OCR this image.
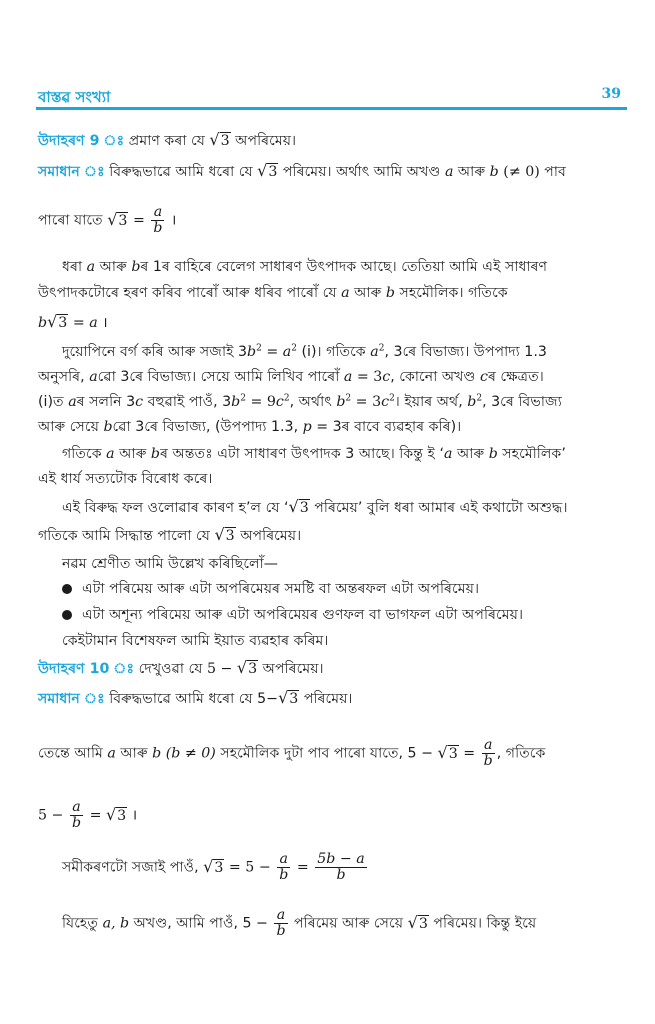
বাস্তৱ সংখ্যা	39
উদাহৰণ 9 ঃ প্ৰমাণ কৰা যে √3 অপৰিমেয়।
সমাধান ঃ বিৰুদ্ধভাৱে আমি ধৰো যে √3 পৰিমেয়। অৰ্থাৎ আমি অখণ্ড a আৰু b (≠ 0) পাব
পাৰো যাতে $√3 = \frac{a}{b}$ ।
ধৰা a আৰু bৰ 1ৰ বাহিৰে বেলেগ সাধাৰণ উৎপাদক আছে। তেতিয়া আমি এই সাধাৰণ
উৎপাদকটোৰে হৰণ কৰিব পাৰোঁ আৰু ধৰিব পাৰোঁ যে a আৰু b সহমৌলিক। গতিকে
b√3 = a ।
দুয়োপিনে বৰ্গ কৰি আৰু সজাই $3b^2 = a^2$ (i)। গতিকে $a^2$, 3ৰে বিভাজ্য। উপপাদ্য 1.3
অনুসৰি, aৱো 3ৰে বিভাজ্য। সেয়ে আমি লিখিব পাৰোঁ a = 3c, কোনো অখণ্ড cৰ ক্ষেত্ৰত।
(i)ত aৰ সলনি 3c বহুৱাই পাওঁ, $3b^2 = 9c^2$, অৰ্থাৎ $b^2$ = $3c^2।$ ইয়াৰ অৰ্থ, $b^2$, 3ৰে বিভাজ্য
আৰু সেয়ে bৱো 3ৰে বিভাজ্য, (উপপাদ্য 1.3, p = 3ৰ বাবে ব্যৱহাৰ কৰি)।
গতিকে a আৰু bৰ অন্ততঃ এটা সাধাৰণ উৎপাদক 3 আছে। কিন্তু ই ‘a আৰু b সহমৌলিক’
এই ধাৰ্য সত্যটোক বিৰোধ কৰে।
এই বিৰুদ্ধ ফল ওলোৱাৰ কাৰণ হ’ল যে ‘√3 পৰিমেয়’ বুলি ধৰা আমাৰ এই কথাটো অশুদ্ধ।
গতিকে আমি সিদ্ধান্ত পালো যে √3 অপৰিমেয়।
নৱম শ্ৰেণীত আমি উল্লেখ কৰিছিলোঁ—
এটা পৰিমেয় আৰু এটা অপৰিমেয়ৰ সমষ্টি বা অন্তৰফল এটা অপৰিমেয়।
এটা অশূন্য পৰিমেয় আৰু এটা অপৰিমেয়ৰ গুণফল বা ভাগফল এটা অপৰিমেয়।
কেইটামান বিশেষফল আমি ইয়াত ব্যৱহাৰ কৰিম।
উদাহৰণ 10 ঃ দেখুওৱা যে 5 − √3 অপৰিমেয়।
সমাধান ঃ বিৰুদ্ধভাৱে আমি ধৰো যে 5−√3 পৰিমেয়।
তেন্তে আমি a আৰু b (b ≠ 0) সহমৌলিক দুটা পাব পাৰো যাতে, $5 - √3 = \frac{a}{b}$ , গতিকে
$5 - \frac{a}{b} = √3$ ।
সমীকৰণটো সজাই পাওঁ, $√3 = 5 - \frac{a}{b} = \frac{5b - a}{b}$
যিহেতু a, b অখণ্ড, আমি পাওঁ, $5 - \frac{a}{b}$ পৰিমেয় আৰু সেয়ে √3 পৰিমেয়। কিন্তু ইয়ে
